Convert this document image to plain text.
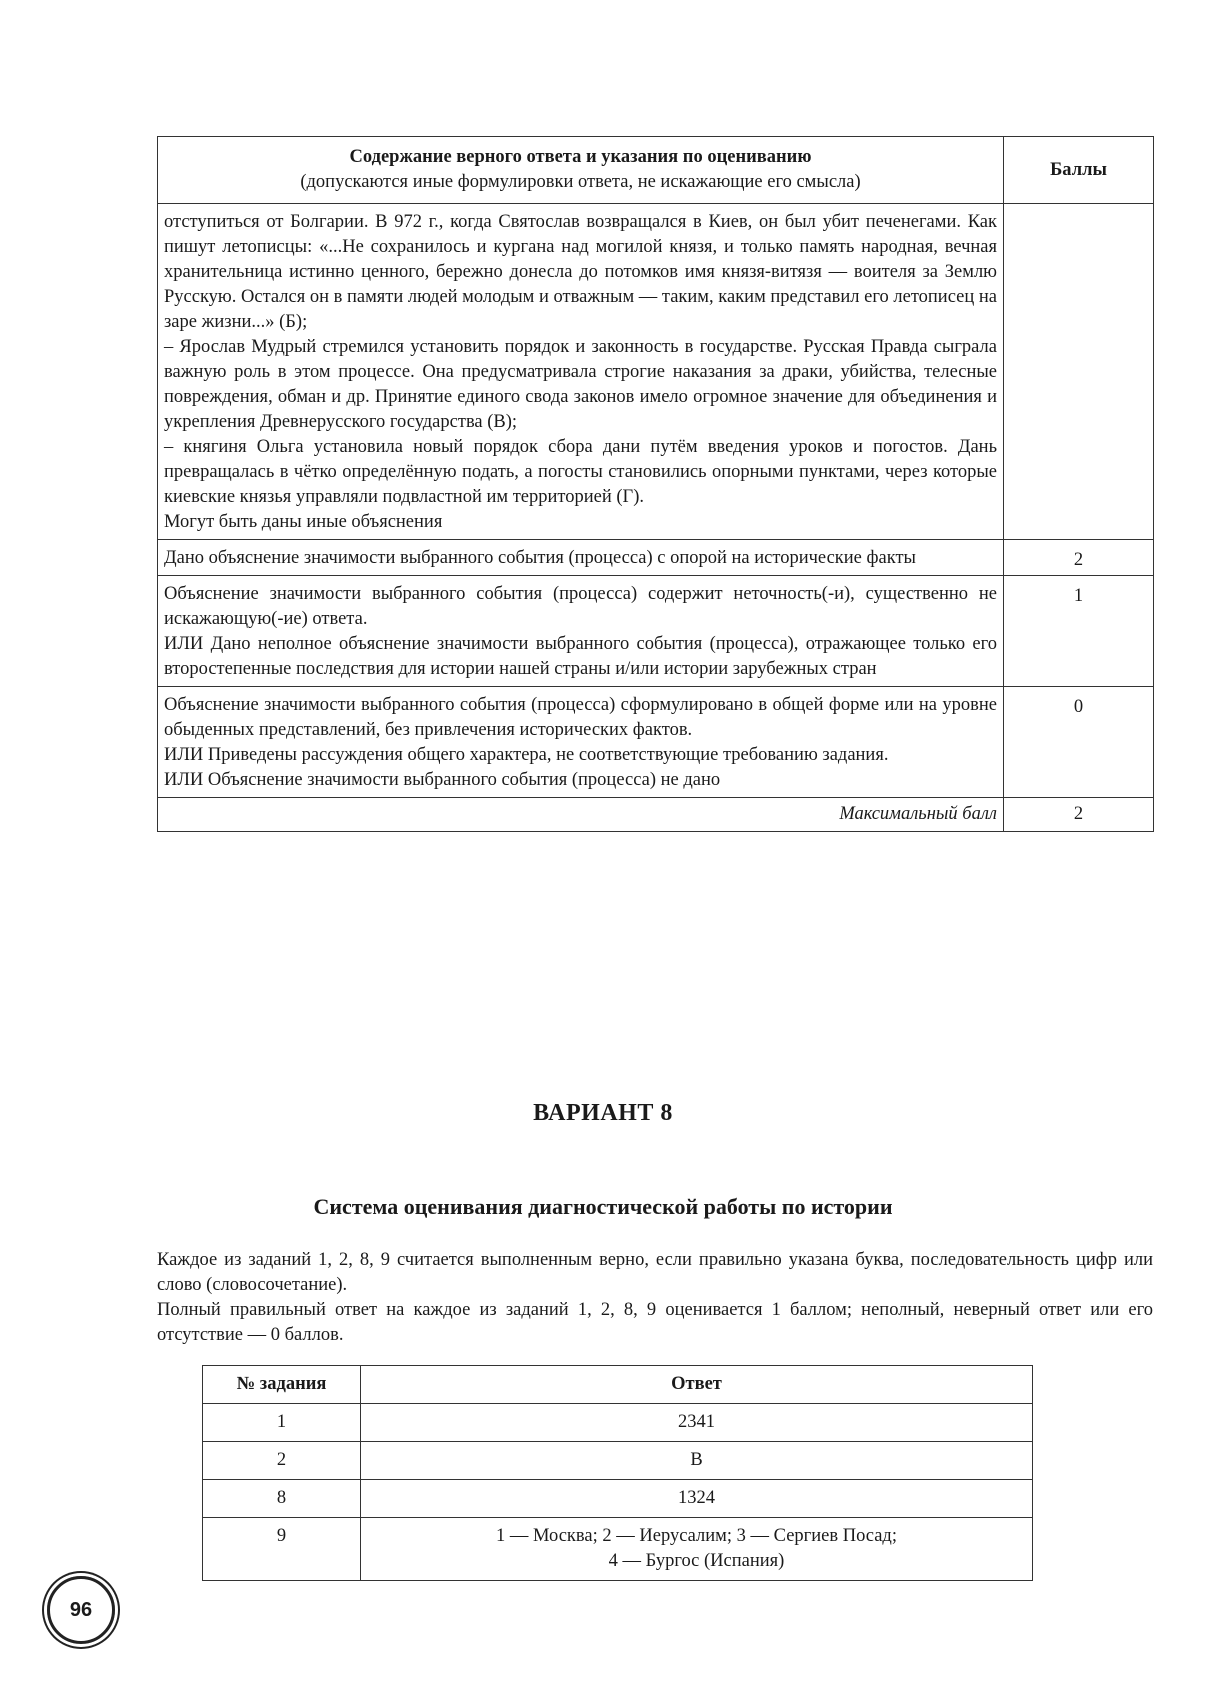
Содержание верного ответа и указания по оцениванию
(допускаются иные формулировки ответа, не искажающие его смысла)	Баллы

отступиться от Болгарии. В 972 г., когда Святослав возвращался в Киев, он был убит печенегами. Как пишут летописцы: «...Не сохранилось и кургана над могилой князя, и только память народная, вечная хранительница истинно ценного, бережно донесла до потомков имя князя-витязя — воителя за Землю Русскую. Остался он в памяти людей молодым и отважным — таким, каким представил его летописец на заре жизни...» (Б);

– Ярослав Мудрый стремился установить порядок и законность в государстве. Русская Правда сыграла важную роль в этом процессе. Она предусматривала строгие наказания за драки, убийства, телесные повреждения, обман и др. Принятие единого свода законов имело огромное значение для объединения и укрепления Древнерусского государства (В);

– княгиня Ольга установила новый порядок сбора дани путём введения уроков и погостов. Дань превращалась в чётко определённую подать, а погосты становились опорными пунктами, через которые киевские князья управляли подвластной им территорией (Г).

Могут быть даны иные объяснения	

Дано объяснение значимости выбранного события (процесса) с опорой на исторические факты	2

Объяснение значимости выбранного события (процесса) содержит неточность(-и), существенно не искажающую(-ие) ответа.

ИЛИ Дано неполное объяснение значимости выбранного события (процесса), отражающее только его второстепенные последствия для истории нашей страны и/или истории зарубежных стран	1

Объяснение значимости выбранного события (процесса) сформулировано в общей форме или на уровне обыденных представлений, без привлечения исторических фактов.

ИЛИ Приведены рассуждения общего характера, не соответствующие требованию задания.

ИЛИ Объяснение значимости выбранного события (процесса) не дано	0
Максимальный балл	2
ВАРИАНТ 8
Система оценивания диагностической работы по истории

Каждое из заданий 1, 2, 8, 9 считается выполненным верно, если правильно указана буква, последовательность цифр или слово (словосочетание).

Полный правильный ответ на каждое из заданий 1, 2, 8, 9 оценивается 1 баллом; неполный, неверный ответ или его отсутствие — 0 баллов.

№ задания	Ответ
1	2341
2	В
8	1324
9	1 — Москва; 2 — Иерусалим; 3 — Сергиев Посад;
4 — Бургос (Испания)
96
